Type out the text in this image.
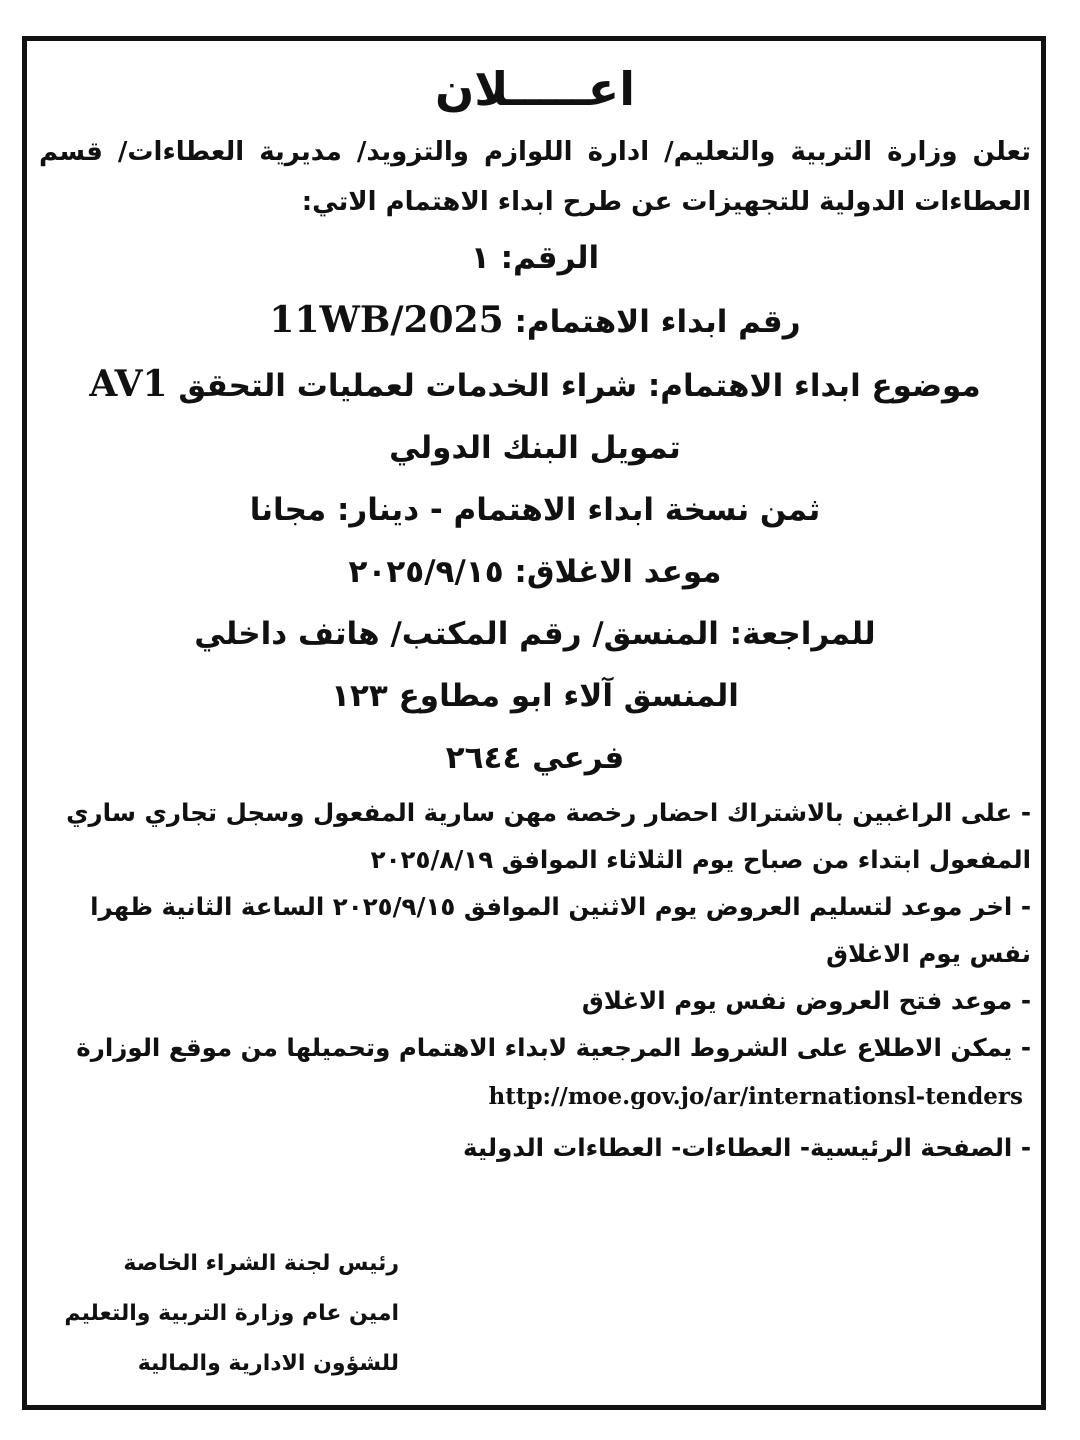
اعـــــلان

تعلن وزارة التربية والتعليم/ ادارة اللوازم والتزويد/ مديرية العطاءات/ قسم العطاءات الدولية للتجهيزات عن طرح ابداء الاهتمام الاتي:

الرقم: ١

رقم ابداء الاهتمام: 11WB/2025

موضوع ابداء الاهتمام: شراء الخدمات لعمليات التحقق AV1 تمويل البنك الدولي

ثمن نسخة ابداء الاهتمام - دينار: مجانا

موعد الاغلاق: ٢٠٢٥/٩/١٥

للمراجعة: المنسق/ رقم المكتب/ هاتف داخلي

المنسق آلاء ابو مطاوع ١٢٣

فرعي ٢٦٤٤

- على الراغبين بالاشتراك احضار رخصة مهن سارية المفعول وسجل تجاري ساري المفعول ابتداء من صباح يوم الثلاثاء الموافق ٢٠٢٥/٨/١٩
- اخر موعد لتسليم العروض يوم الاثنين الموافق ٢٠٢٥/٩/١٥ الساعة الثانية ظهرا نفس يوم الاغلاق
- موعد فتح العروض نفس يوم الاغلاق
- يمكن الاطلاع على الشروط المرجعية لابداء الاهتمام وتحميلها من موقع الوزارة

http://moe.gov.jo/ar/internationsl-tenders

- الصفحة الرئيسية- العطاءات- العطاءات الدولية

رئيس لجنة الشراء الخاصة

امين عام وزارة التربية والتعليم

للشؤون الادارية والمالية
